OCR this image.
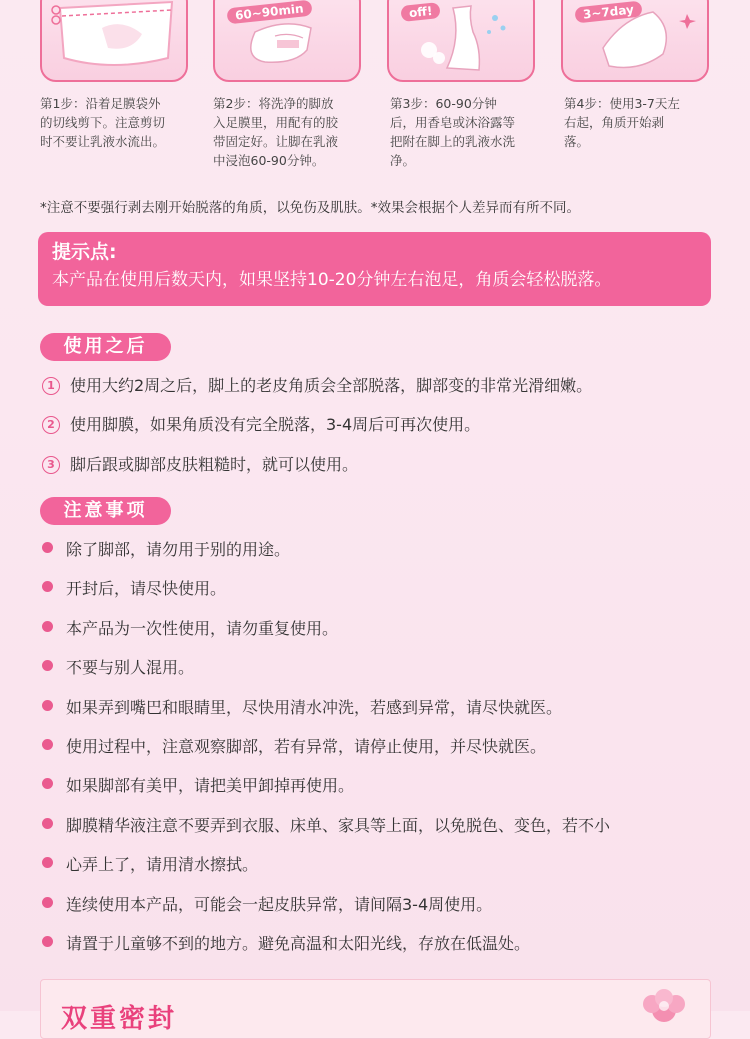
第1步：沿着足膜袋外
的切线剪下。注意剪切
时不要让乳液水流出。
60~90min
第2步：将洗净的脚放
入足膜里，用配有的胶
带固定好。让脚在乳液
中浸泡60-90分钟。
off!
第3步：60-90分钟
后，用香皂或沐浴露等
把附在脚上的乳液水洗
净。
3~7day
第4步：使用3-7天左
右起，角质开始剥
落。
*注意不要强行剥去刚开始脱落的角质，以免伤及肌肤。*效果会根据个人差异而有所不同。
提示点:
本产品在使用后数天内，如果坚持10-20分钟左右泡足，角质会轻松脱落。
使用之后
1 使用大约2周之后，脚上的老皮角质会全部脱落，脚部变的非常光滑细嫩。
2 使用脚膜，如果角质没有完全脱落，3-4周后可再次使用。
3 脚后跟或脚部皮肤粗糙时，就可以使用。
注意事项
除了脚部，请勿用于别的用途。
开封后，请尽快使用。
本产品为一次性使用，请勿重复使用。
不要与别人混用。
如果弄到嘴巴和眼睛里，尽快用清水冲洗，若感到异常，请尽快就医。
使用过程中，注意观察脚部，若有异常，请停止使用，并尽快就医。
如果脚部有美甲，请把美甲卸掉再使用。
脚膜精华液注意不要弄到衣服、床单、家具等上面，以免脱色、变色，若不小
心弄上了，请用清水擦拭。
连续使用本产品，可能会一起皮肤异常，请间隔3-4周使用。
请置于儿童够不到的地方。避免高温和太阳光线，存放在低温处。
双重密封
